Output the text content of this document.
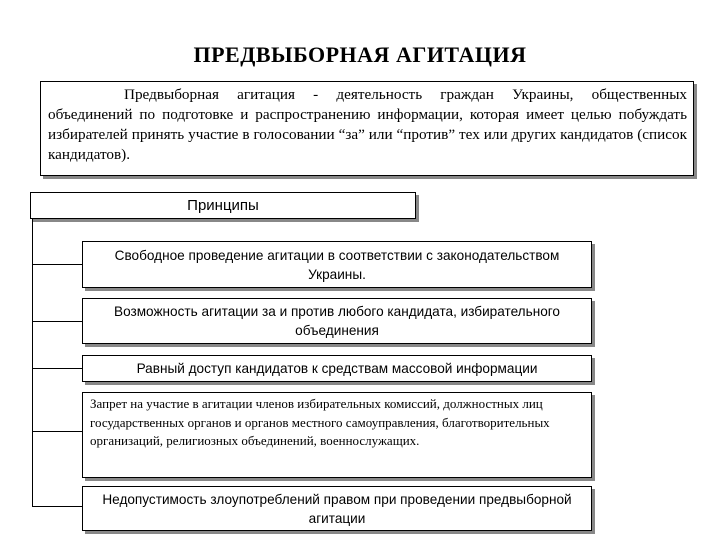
ПРЕДВЫБОРНАЯ АГИТАЦИЯ
Предвыборная агитация - деятельность граждан Украины, общественных объединений по подготовке и распространению информации, которая имеет целью побуждать избирателей принять участие в голосовании “за” или “против” тех или других кандидатов (список кандидатов).
Принципы
Свободное проведение агитации в соответствии с законодательством Украины.
Возможность агитации за и против любого кандидата, избирательного объединения
Равный доступ кандидатов к средствам массовой информации
Запрет на участие в агитации членов избирательных комиссий, должностных лиц государственных органов и органов местного самоуправления, благотворительных организаций, религиозных объединений, военнослужащих.
Недопустимость злоупотреблений правом при проведении предвыборной агитации
